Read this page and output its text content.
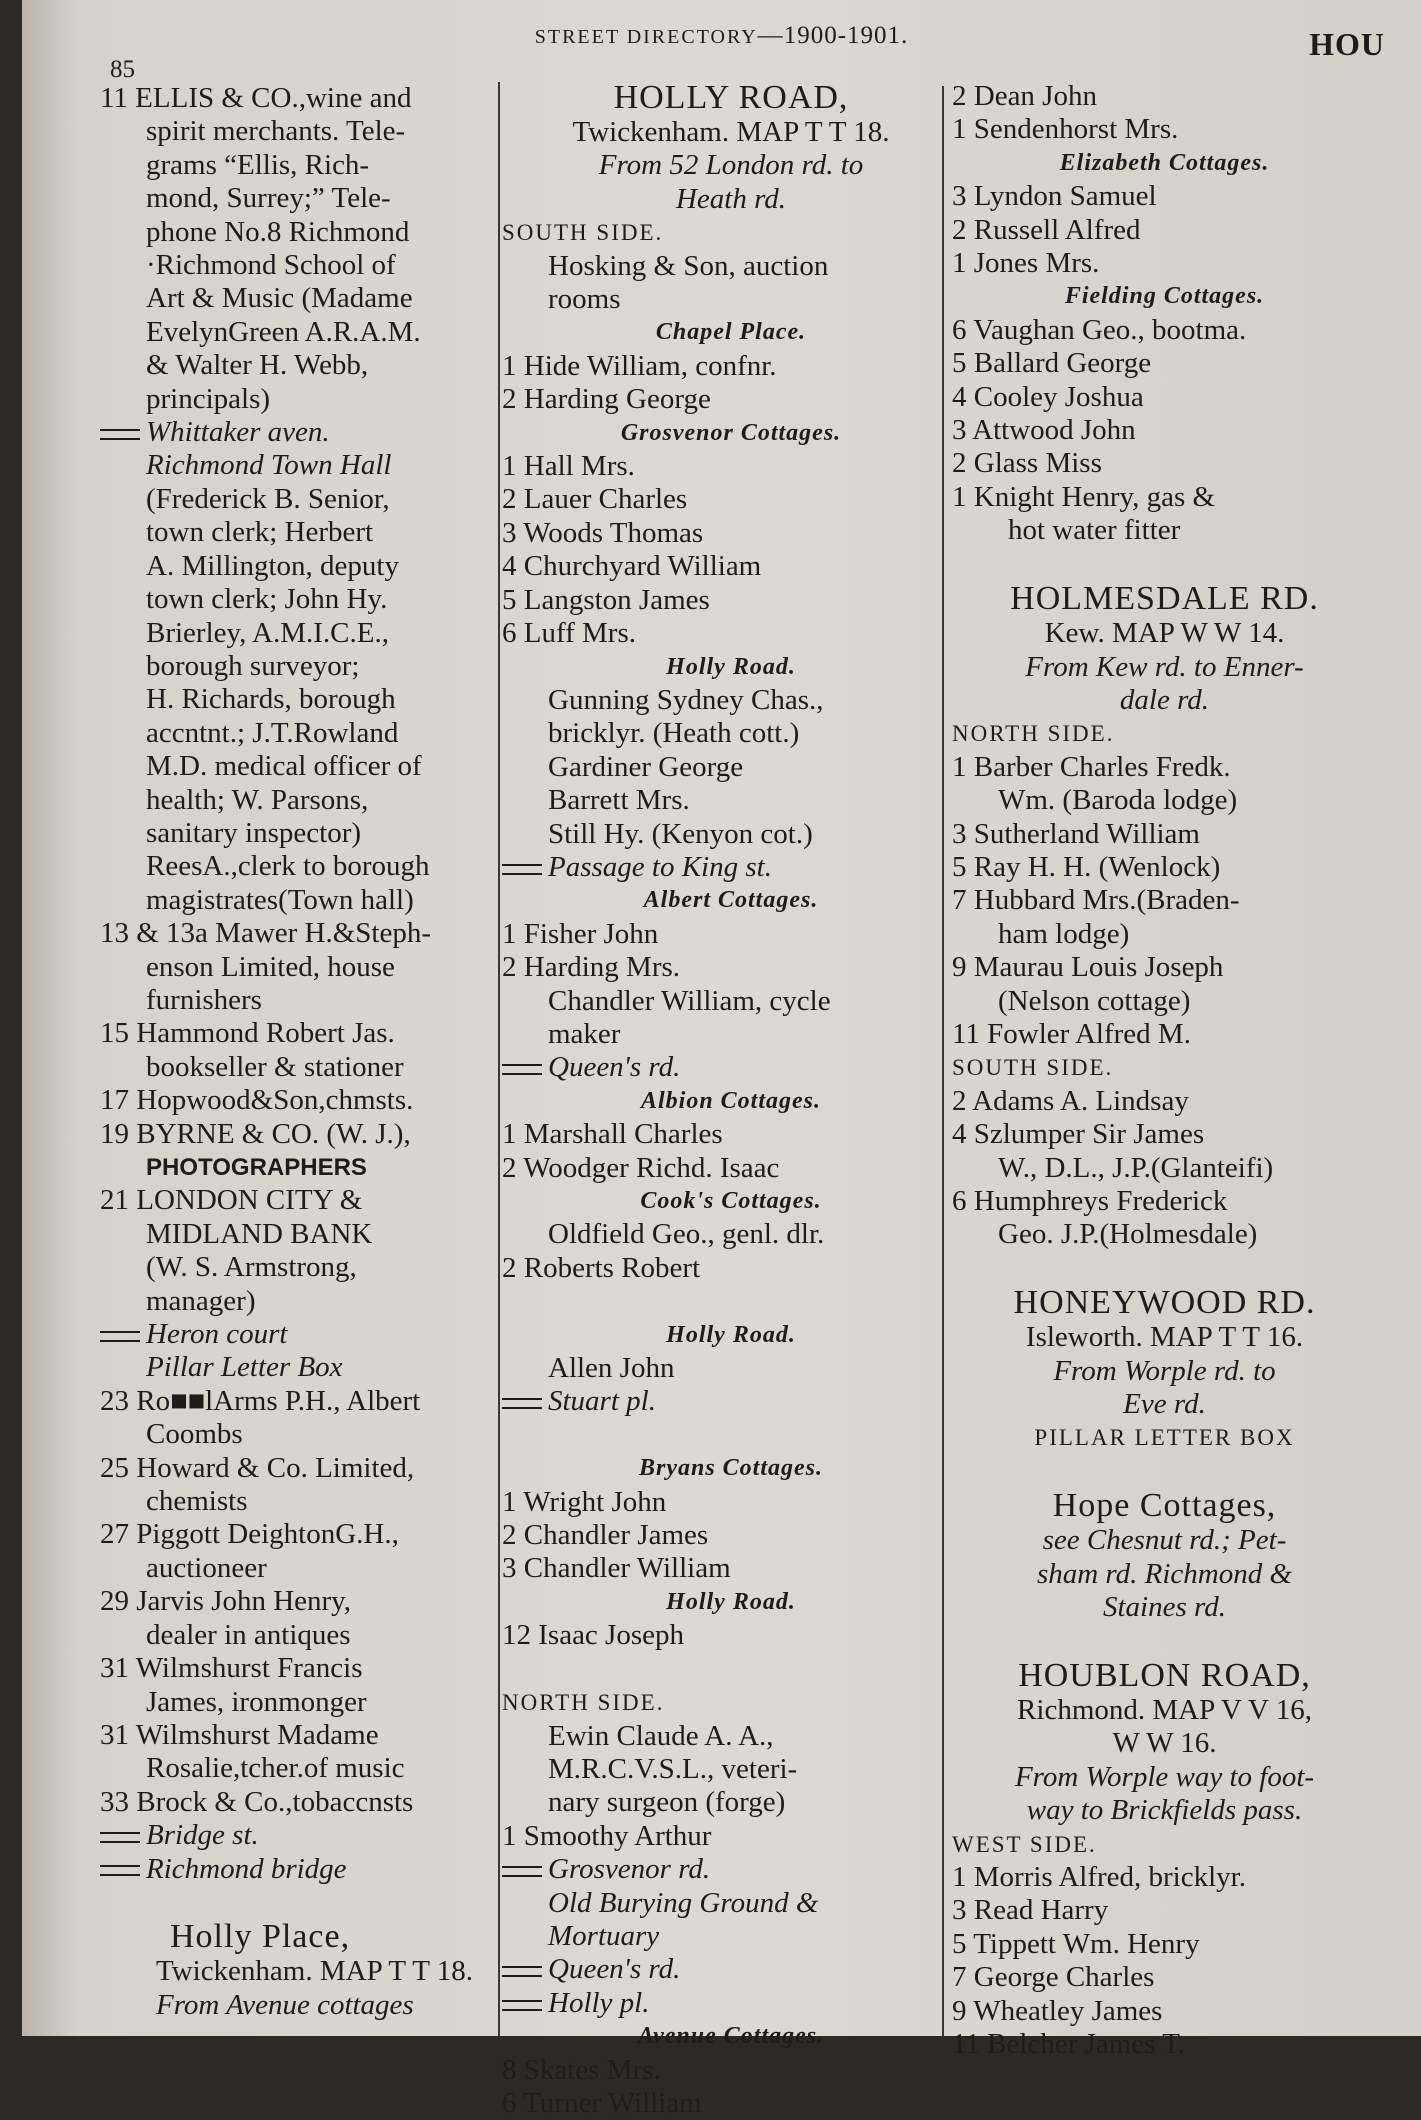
STREET DIRECTORY—1900-1901.	HOU
85
11 ELLIS & CO.,wine and
spirit merchants. Tele-
grams “Ellis, Rich-
mond, Surrey;” Tele-
phone No.8 Richmond
·Richmond School of
Art & Music (Madame
EvelynGreen A.R.A.M.
& Walter H. Webb,
principals)
Whittaker aven.
Richmond Town Hall
(Frederick B. Senior,
town clerk; Herbert
A. Millington, deputy
town clerk; John Hy.
Brierley, A.M.I.C.E.,
borough surveyor;
H. Richards, borough
accntnt.; J.T.Rowland
M.D. medical officer of
health; W. Parsons,
sanitary inspector)
ReesA.,clerk to borough
magistrates(Town hall)
13 & 13a Mawer H.&Steph-
enson Limited, house
furnishers
15 Hammond Robert Jas.
bookseller & stationer
17 Hopwood&Son,chmsts.
19 BYRNE & CO. (W. J.),
PHOTOGRAPHERS
21 LONDON CITY &
MIDLAND BANK
(W. S. Armstrong,
manager)
Heron court
Pillar Letter Box
23 Ro■■lArms P.H., Albert
Coombs
25 Howard & Co. Limited,
chemists
27 Piggott DeightonG.H.,
auctioneer
29 Jarvis John Henry,
dealer in antiques
31 Wilmshurst Francis
James, ironmonger
31 Wilmshurst Madame
Rosalie,tcher.of music
33 Brock & Co.,tobaccnsts
Bridge st.
Richmond bridge

Holly Place,
Twickenham. MAP T T 18.
From Avenue cottages
HOLLY ROAD,
Twickenham. MAP T T 18.
From 52 London rd. to
Heath rd.
SOUTH SIDE.
Hosking & Son, auction
rooms
Chapel Place.
1 Hide William, confnr.
2 Harding George
Grosvenor Cottages.
1 Hall Mrs.
2 Lauer Charles
3 Woods Thomas
4 Churchyard William
5 Langston James
6 Luff Mrs.
Holly Road.
Gunning Sydney Chas.,
bricklyr. (Heath cott.)
Gardiner George
Barrett Mrs.
Still Hy. (Kenyon cot.)
Passage to King st.
Albert Cottages.
1 Fisher John
2 Harding Mrs.
Chandler William, cycle
maker
Queen's rd.
Albion Cottages.
1 Marshall Charles
2 Woodger Richd. Isaac
Cook's Cottages.
Oldfield Geo., genl. dlr.
2 Roberts Robert

Holly Road.
Allen John
Stuart pl.

Bryans Cottages.
1 Wright John
2 Chandler James
3 Chandler William
Holly Road.
12 Isaac Joseph

NORTH SIDE.
Ewin Claude A. A.,
M.R.C.V.S.L., veteri-
nary surgeon (forge)
1 Smoothy Arthur
Grosvenor rd.
Old Burying Ground &
Mortuary
Queen's rd.
Holly pl.
Avenue Cottages.
8 Skates Mrs.
6 Turner William
2 Dean John
1 Sendenhorst Mrs.
Elizabeth Cottages.
3 Lyndon Samuel
2 Russell Alfred
1 Jones Mrs.
Fielding Cottages.
6 Vaughan Geo., bootma.
5 Ballard George
4 Cooley Joshua
3 Attwood John
2 Glass Miss
1 Knight Henry, gas &
hot water fitter

HOLMESDALE RD.
Kew. MAP W W 14.
From Kew rd. to Enner-
dale rd.
NORTH SIDE.
1 Barber Charles Fredk.
Wm. (Baroda lodge)
3 Sutherland William
5 Ray H. H. (Wenlock)
7 Hubbard Mrs.(Braden-
ham lodge)
9 Maurau Louis Joseph
(Nelson cottage)
11 Fowler Alfred M.
SOUTH SIDE.
2 Adams A. Lindsay
4 Szlumper Sir James
W., D.L., J.P.(Glanteifi)
6 Humphreys Frederick
Geo. J.P.(Holmesdale)

HONEYWOOD RD.
Isleworth. MAP T T 16.
From Worple rd. to
Eve rd.
PILLAR LETTER BOX

Hope Cottages,
see Chesnut rd.; Pet-
sham rd. Richmond &
Staines rd.

HOUBLON ROAD,
Richmond. MAP V V 16,
W W 16.
From Worple way to foot-
way to Brickfields pass.
WEST SIDE.
1 Morris Alfred, bricklyr.
3 Read Harry
5 Tippett Wm. Henry
7 George Charles
9 Wheatley James
11 Belcher James T.
